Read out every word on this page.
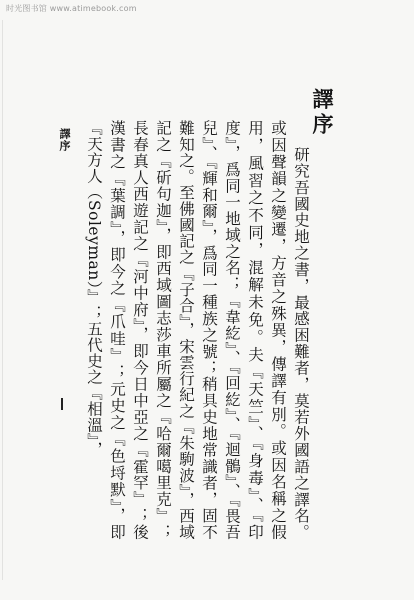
时光图书馆 www.atimebook.com
譯序

研究吾國史地之書，最感困難者，莫若外國語之譯名。或因聲韻之變遷，方音之殊異，傳譯有別。或因名稱之假用，風習之不同，混解未免。夫『天竺』、『身毒』、『印度』，爲同一地域之名；『韋紇』、『回紇』、『迴鶻』、『畏吾兒』、『輝和爾』，爲同一種族之號；稍具史地常識者，固不難知之。至佛國記之『子合』，宋雲行紀之『朱駒波』，西域記之『斫句迦』，即西域圖志莎車所屬之『哈爾噶里克』；長春真人西遊記之『河中府』，即今日中亞之『霍罕』；後漢書之『葉調』，即今之『爪哇』；元史之『色埒默』，即『天方人（Soleyman）』；五代史之『相溫』，

譯序
